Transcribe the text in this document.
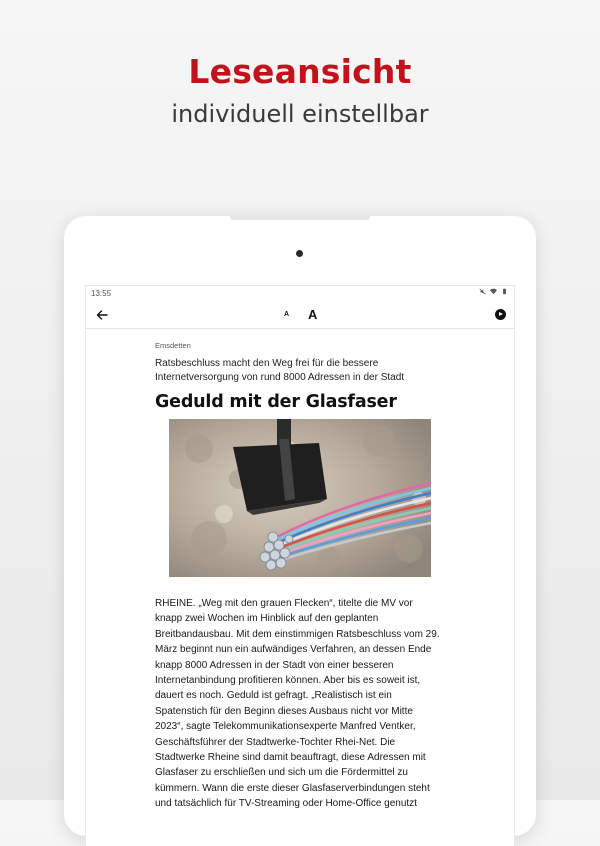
Leseansicht
individuell einstellbar
13:55
A A
Emsdetten
Ratsbeschluss macht den Weg frei für die bessere Internetversorgung von rund 8000 Adressen in der Stadt
Geduld mit der Glasfaser
RHEINE. „Weg mit den grauen Flecken“, titelte die MV vor
knapp zwei Wochen im Hinblick auf den geplanten
Breitbandausbau. Mit dem einstimmigen Ratsbeschluss vom 29.
März beginnt nun ein aufwändiges Verfahren, an dessen Ende
knapp 8000 Adressen in der Stadt von einer besseren
Internetanbindung profitieren können. Aber bis es soweit ist,
dauert es noch. Geduld ist gefragt. „Realistisch ist ein
Spatenstich für den Beginn dieses Ausbaus nicht vor Mitte
2023“, sagte Telekommunikationsexperte Manfred Ventker,
Geschäftsführer der Stadtwerke-Tochter Rhei-Net. Die
Stadtwerke Rheine sind damit beauftragt, diese Adressen mit
Glasfaser zu erschließen und sich um die Fördermittel zu
kümmern. Wann die erste dieser Glasfaserverbindungen steht
und tatsächlich für TV-Streaming oder Home-Office genutzt
